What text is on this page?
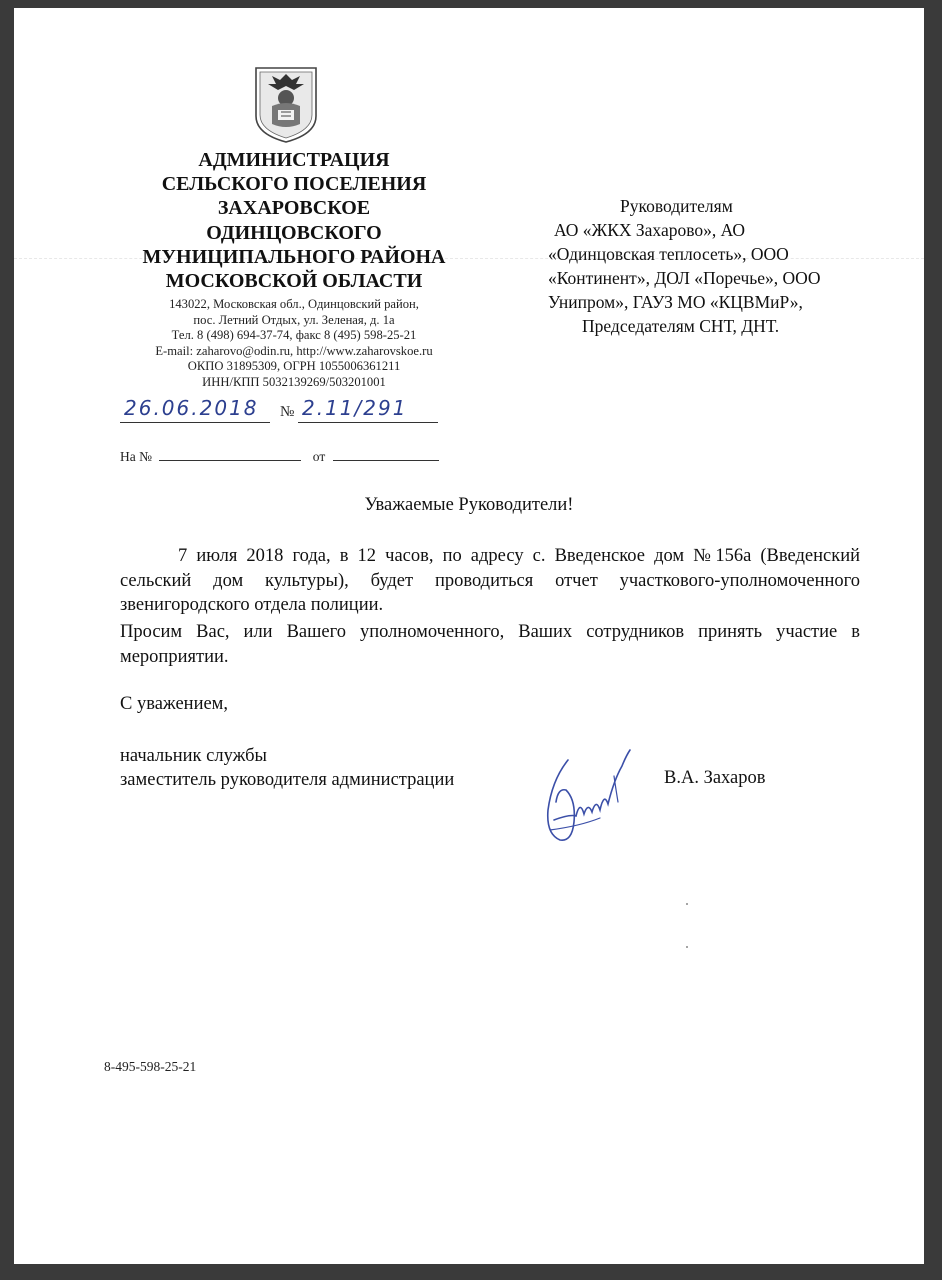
АДМИНИСТРАЦИЯ
СЕЛЬСКОГО ПОСЕЛЕНИЯ
ЗАХАРОВСКОЕ
ОДИНЦОВСКОГО
МУНИЦИПАЛЬНОГО РАЙОНА
МОСКОВСКОЙ ОБЛАСТИ
143022, Московская обл., Одинцовский район,
пос. Летний Отдых, ул. Зеленая, д. 1а
Тел. 8 (498) 694-37-74, факс 8 (495) 598-25-21
E-mail: zaharovo@odin.ru, http://www.zaharovskoe.ru
ОКПО 31895309, ОГРН 1055006361211
ИНН/КПП 5032139269/503201001
26.06.2018 № 2.11/291
На №	от
Руководителям
АО «ЖКХ Захарово», АО
«Одинцовская теплосеть», ООО
«Континент», ДОЛ «Поречье», ООО
Унипром», ГАУЗ МО «КЦВМиР»,
Председателям СНТ, ДНТ.
Уважаемые Руководители!
7 июля 2018 года, в 12 часов, по адресу с. Введенское дом №156а (Введенский сельский дом культуры), будет проводиться отчет участкового-уполномоченного звенигородского отдела полиции.
Просим Вас, или Вашего уполномоченного, Ваших сотрудников принять участие в мероприятии.
С уважением,
начальник службы
заместитель руководителя администрации	В.А. Захаров
8-495-598-25-21
